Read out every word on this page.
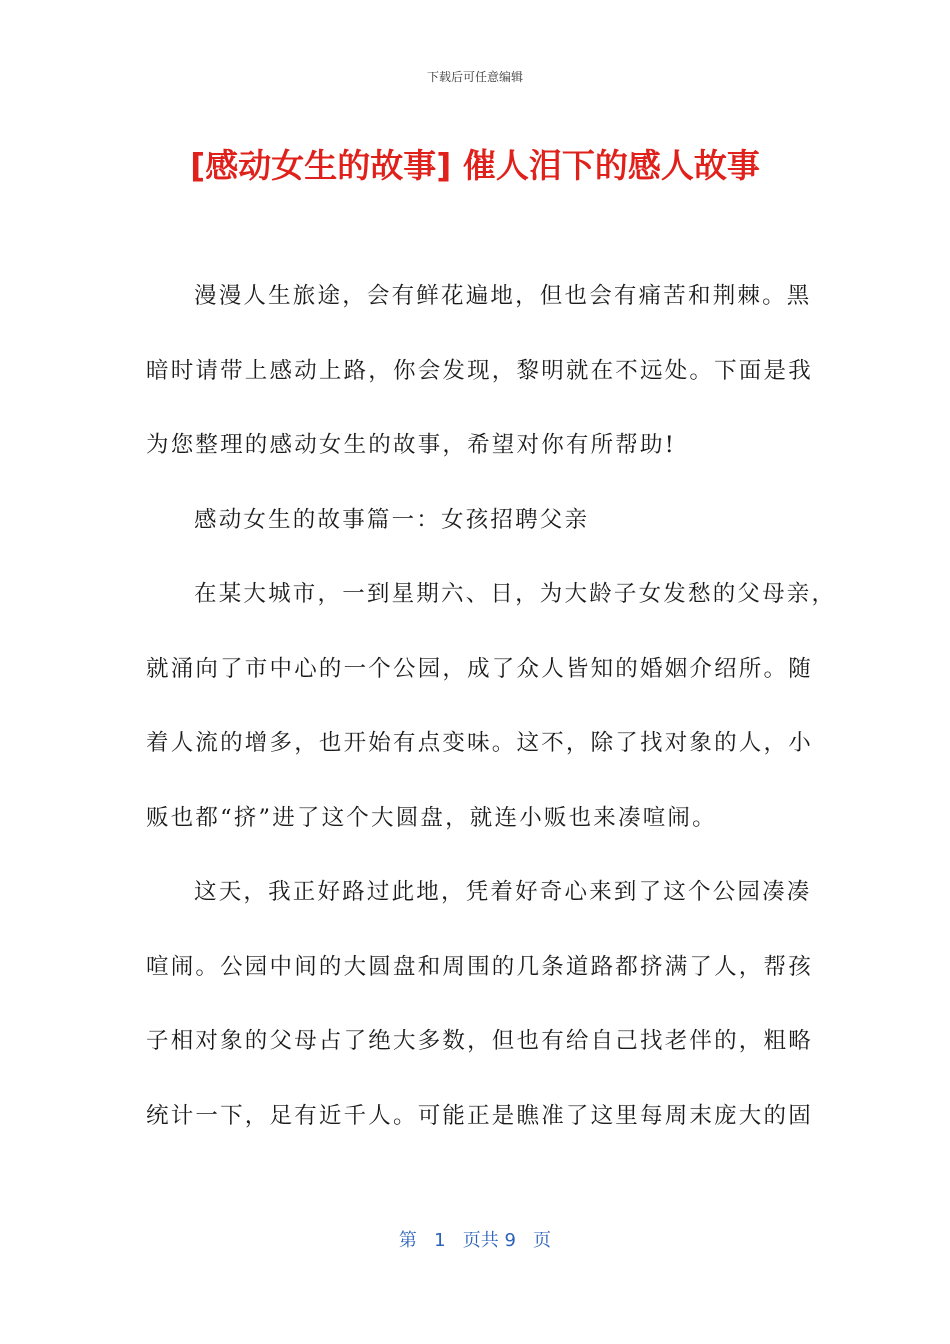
下载后可任意编辑
[感动女生的故事] 催人泪下的感人故事
漫漫人生旅途，会有鲜花遍地，但也会有痛苦和荆棘。黑
暗时请带上感动上路，你会发现，黎明就在不远处。下面是我
为您整理的感动女生的故事，希望对你有所帮助!
感动女生的故事篇一：女孩招聘父亲
在某大城市，一到星期六、日，为大龄子女发愁的父母亲，
就涌向了市中心的一个公园，成了众人皆知的婚姻介绍所。随
着人流的增多，也开始有点变味。这不，除了找对象的人，小
贩也都“挤”进了这个大圆盘，就连小贩也来凑喧闹。
这天，我正好路过此地，凭着好奇心来到了这个公园凑凑
喧闹。公园中间的大圆盘和周围的几条道路都挤满了人，帮孩
子相对象的父母占了绝大多数，但也有给自己找老伴的，粗略
统计一下，足有近千人。可能正是瞧准了这里每周末庞大的固
第 1 页共 9 页
